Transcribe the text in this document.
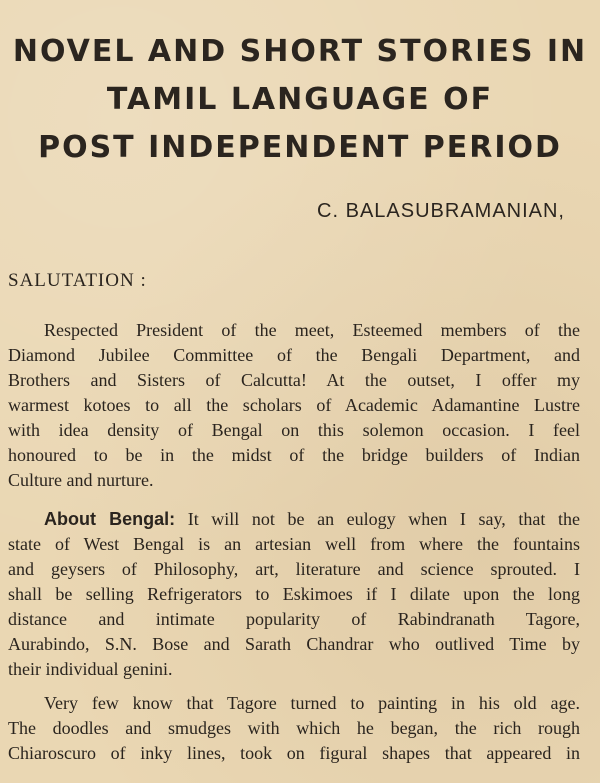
NOVEL AND SHORT STORIES IN
TAMIL LANGUAGE OF
POST INDEPENDENT PERIOD
C. BALASUBRAMANIAN,
SALUTATION :
Respected President of the meet, Esteemed members of the
Diamond Jubilee Committee of the Bengali Department, and
Brothers and Sisters of Calcutta! At the outset, I offer my
warmest kotoes to all the scholars of Academic Adamantine Lustre
with idea density of Bengal on this solemon occasion. I feel
honoured to be in the midst of the bridge builders of Indian
Culture and nurture.
About Bengal: It will not be an eulogy when I say, that the
state of West Bengal is an artesian well from where the fountains
and geysers of Philosophy, art, literature and science sprouted. I
shall be selling Refrigerators to Eskimoes if I dilate upon the long
distance and intimate popularity of Rabindranath Tagore,
Aurabindo, S.N. Bose and Sarath Chandrar who outlived Time by
their individual genini.
Very few know that Tagore turned to painting in his old age.
The doodles and smudges with which he began, the rich rough
Chiaroscuro of inky lines, took on figural shapes that appeared in
